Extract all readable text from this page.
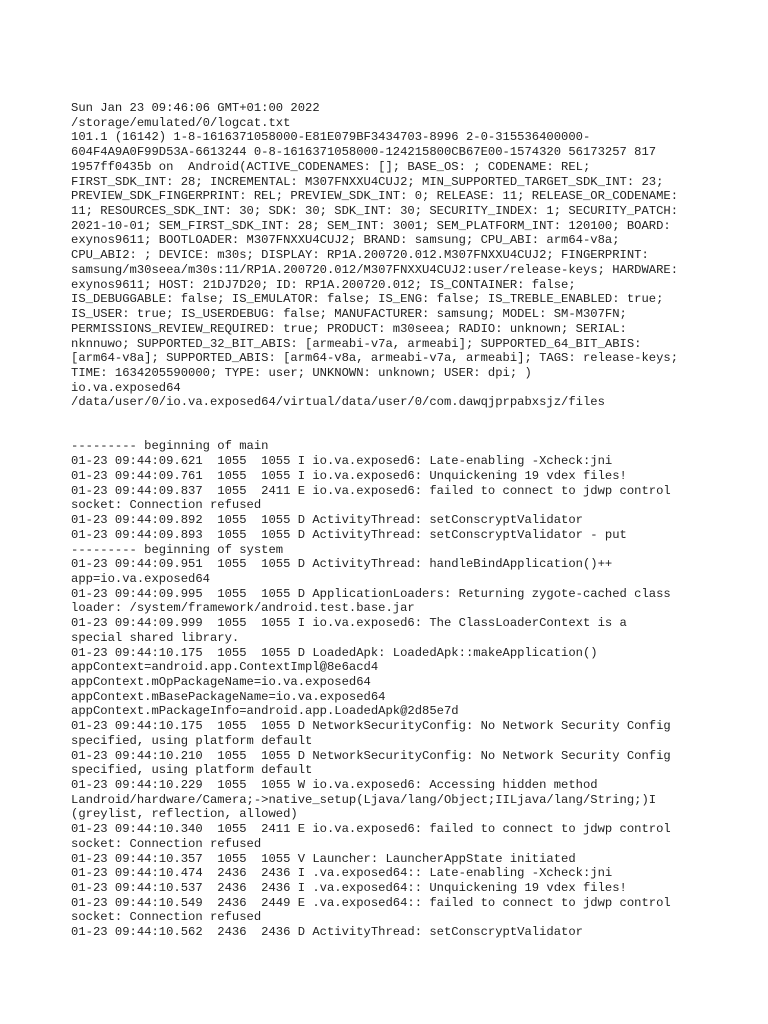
Sun Jan 23 09:46:06 GMT+01:00 2022
/storage/emulated/0/logcat.txt
101.1 (16142) 1-8-1616371058000-E81E079BF3434703-8996 2-0-315536400000-
604F4A9A0F99D53A-6613244 0-8-1616371058000-124215800CB67E00-1574320 56173257 817
1957ff0435b on  Android(ACTIVE_CODENAMES: []; BASE_OS: ; CODENAME: REL;
FIRST_SDK_INT: 28; INCREMENTAL: M307FNXXU4CUJ2; MIN_SUPPORTED_TARGET_SDK_INT: 23;
PREVIEW_SDK_FINGERPRINT: REL; PREVIEW_SDK_INT: 0; RELEASE: 11; RELEASE_OR_CODENAME:
11; RESOURCES_SDK_INT: 30; SDK: 30; SDK_INT: 30; SECURITY_INDEX: 1; SECURITY_PATCH:
2021-10-01; SEM_FIRST_SDK_INT: 28; SEM_INT: 3001; SEM_PLATFORM_INT: 120100; BOARD:
exynos9611; BOOTLOADER: M307FNXXU4CUJ2; BRAND: samsung; CPU_ABI: arm64-v8a;
CPU_ABI2: ; DEVICE: m30s; DISPLAY: RP1A.200720.012.M307FNXXU4CUJ2; FINGERPRINT:
samsung/m30seea/m30s:11/RP1A.200720.012/M307FNXXU4CUJ2:user/release-keys; HARDWARE:
exynos9611; HOST: 21DJ7D20; ID: RP1A.200720.012; IS_CONTAINER: false;
IS_DEBUGGABLE: false; IS_EMULATOR: false; IS_ENG: false; IS_TREBLE_ENABLED: true;
IS_USER: true; IS_USERDEBUG: false; MANUFACTURER: samsung; MODEL: SM-M307FN;
PERMISSIONS_REVIEW_REQUIRED: true; PRODUCT: m30seea; RADIO: unknown; SERIAL:
nknnuwo; SUPPORTED_32_BIT_ABIS: [armeabi-v7a, armeabi]; SUPPORTED_64_BIT_ABIS:
[arm64-v8a]; SUPPORTED_ABIS: [arm64-v8a, armeabi-v7a, armeabi]; TAGS: release-keys;
TIME: 1634205590000; TYPE: user; UNKNOWN: unknown; USER: dpi; )
io.va.exposed64
/data/user/0/io.va.exposed64/virtual/data/user/0/com.dawqjprpabxsjz/files
--------- beginning of main
01-23 09:44:09.621  1055  1055 I io.va.exposed6: Late-enabling -Xcheck:jni
01-23 09:44:09.761  1055  1055 I io.va.exposed6: Unquickening 19 vdex files!
01-23 09:44:09.837  1055  2411 E io.va.exposed6: failed to connect to jdwp control
socket: Connection refused
01-23 09:44:09.892  1055  1055 D ActivityThread: setConscryptValidator
01-23 09:44:09.893  1055  1055 D ActivityThread: setConscryptValidator - put
--------- beginning of system
01-23 09:44:09.951  1055  1055 D ActivityThread: handleBindApplication()++
app=io.va.exposed64
01-23 09:44:09.995  1055  1055 D ApplicationLoaders: Returning zygote-cached class
loader: /system/framework/android.test.base.jar
01-23 09:44:09.999  1055  1055 I io.va.exposed6: The ClassLoaderContext is a
special shared library.
01-23 09:44:10.175  1055  1055 D LoadedApk: LoadedApk::makeApplication()
appContext=android.app.ContextImpl@8e6acd4
appContext.mOpPackageName=io.va.exposed64
appContext.mBasePackageName=io.va.exposed64
appContext.mPackageInfo=android.app.LoadedApk@2d85e7d
01-23 09:44:10.175  1055  1055 D NetworkSecurityConfig: No Network Security Config
specified, using platform default
01-23 09:44:10.210  1055  1055 D NetworkSecurityConfig: No Network Security Config
specified, using platform default
01-23 09:44:10.229  1055  1055 W io.va.exposed6: Accessing hidden method
Landroid/hardware/Camera;->native_setup(Ljava/lang/Object;IILjava/lang/String;)I
(greylist, reflection, allowed)
01-23 09:44:10.340  1055  2411 E io.va.exposed6: failed to connect to jdwp control
socket: Connection refused
01-23 09:44:10.357  1055  1055 V Launcher: LauncherAppState initiated
01-23 09:44:10.474  2436  2436 I .va.exposed64:: Late-enabling -Xcheck:jni
01-23 09:44:10.537  2436  2436 I .va.exposed64:: Unquickening 19 vdex files!
01-23 09:44:10.549  2436  2449 E .va.exposed64:: failed to connect to jdwp control
socket: Connection refused
01-23 09:44:10.562  2436  2436 D ActivityThread: setConscryptValidator
